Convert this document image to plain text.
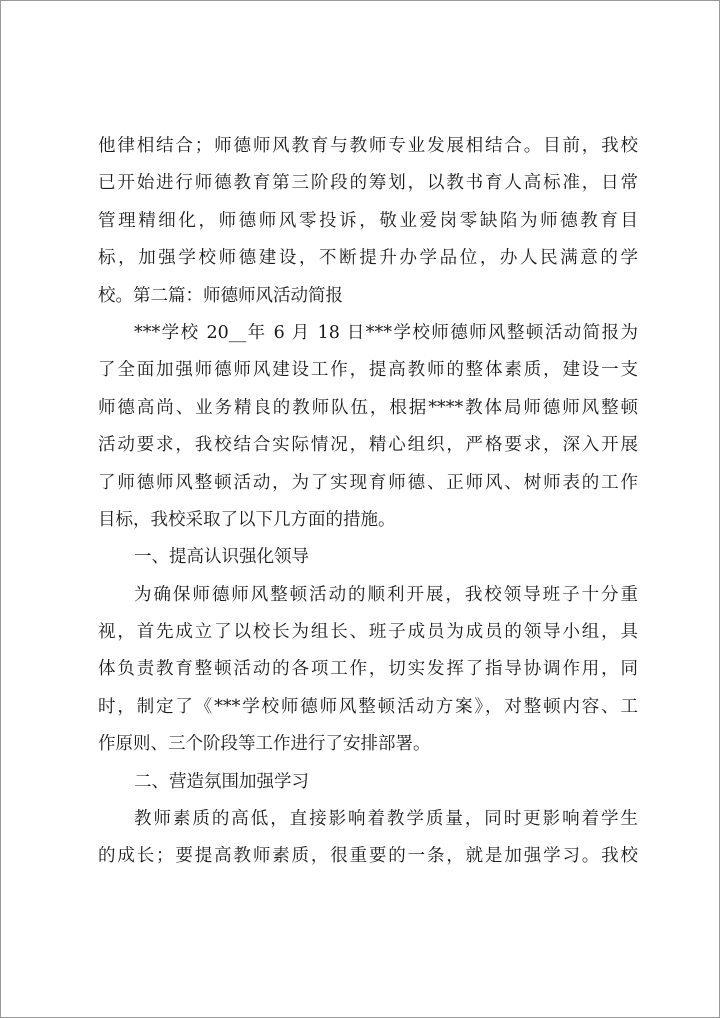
他律相结合；师德师风教育与教师专业发展相结合。目前，我校
已开始进行师德教育第三阶段的筹划，以教书育人高标准，日常
管理精细化，师德师风零投诉，敬业爱岗零缺陷为师德教育目
标，加强学校师德建设，不断提升办学品位，办人民满意的学
校。第二篇：师德师风活动简报
***学校 20__年 6 月 18 日***学校师德师风整顿活动简报为
了全面加强师德师风建设工作，提高教师的整体素质，建设一支
师德高尚、业务精良的教师队伍，根据****教体局师德师风整顿
活动要求，我校结合实际情况，精心组织，严格要求，深入开展
了师德师风整顿活动，为了实现育师德、正师风、树师表的工作
目标，我校采取了以下几方面的措施。
一、提高认识强化领导
为确保师德师风整顿活动的顺利开展，我校领导班子十分重
视，首先成立了以校长为组长、班子成员为成员的领导小组，具
体负责教育整顿活动的各项工作，切实发挥了指导协调作用，同
时，制定了《***学校师德师风整顿活动方案》，对整顿内容、工
作原则、三个阶段等工作进行了安排部署。
二、营造氛围加强学习
教师素质的高低，直接影响着教学质量，同时更影响着学生
的成长；要提高教师素质，很重要的一条，就是加强学习。我校
